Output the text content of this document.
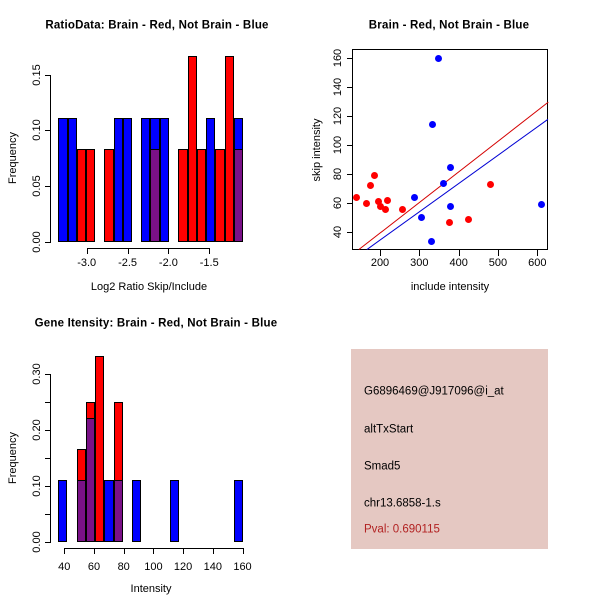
RatioData: Brain - Red, Not Brain - Blue
0.00
0.05
0.10
0.15
Frequency
-3.0 -2.5 -2.0 -1.5
Log2 Ratio Skip/Include
Brain - Red, Not Brain - Blue
40
60
80
100
120
140
160
skip intensity
200 300 400 500 600
include intensity
Gene Itensity: Brain - Red, Not Brain - Blue
0.00
0.10
0.20
0.30
Frequency
40 60 80 100 120 140 160
Intensity
G6896469@J917096@i_at
altTxStart
Smad5
chr13.6858-1.s
Pval: 0.690115
